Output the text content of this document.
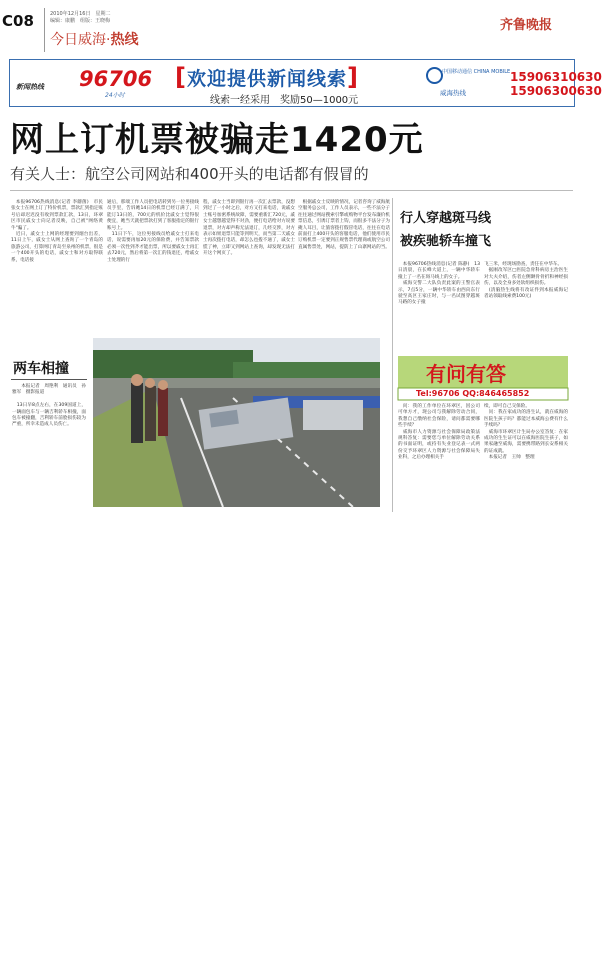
C08	2010年12月16日　星期二
编辑：康鹏　组版：王晓梅
今日威海·热线
齐鲁晚报
新闻热线 96706
24小时
[欢迎提供新闻线索]
线索一经采用　奖励50—1000元
中国移动通信 CHINA MOBILE
威海热线
15906310630
15906300630
网上订机票被骗走1420元
有关人士：航空公司网站和400开头的电话都有假冒的
　本报96706热线消息(记者 李蘑菌)　市民张女士在网上订了特价机票，票款汇到指定账号后却迟迟没有收到票款汇款，13日，环翠区市民戚女士向记者反映，自己被"网络黄牛"骗了。
　近日，戚女士上网的经理要到烟台出差，11日上午，戚女士从网上查询了一个青岛的旅游公司，打算网订青岛至泉州的机票，很是一个400开头的电话，戚女士和对方取得联系，电话接
通后，那端工作人员把电话转到另一位男接线员手里，告诉她14日的机票已经订满了，只能订13日的，700元的机价比戚女士觉得很便宜，她当天就把票款打到了客服指定的银行账号上。
　11日下午，这位男接线员给戚女士打来电话，说需要再加20元的保险费，并告知票款必须一次性到齐才能出票，所以要戚女士再汇去720元，然后将第一次汇的钱退还，给戚女士处理的行
程，戚女士当即到银行再一次汇去票款，没想到过了一小时之后，对方又打来电话，说戚女士账号加密系统故障，需要重新汇720元，戚女士越想越觉得不对劲，便打电话给对方说要退票，对方却声称无法退订，几经交涉，对方表示如果退票只能等到明天，而当第二天戚女士再次拨打电话，却怎么也拨不通了，戚女士慌了神，立即又到网站上查询，却发现无法打开这个网页了。
　根据戚女士反映的情况，记者咨询了威海航空服务总公司，工作人员表示，一些不法分子往往通过网站搜索引擎或购物平台发布廉价机票信息，引诱订票者上钩，而很多不法分子为掩人耳目，让旅客拨打假冒电话，往往在电话前面打上400开头的客服电话，他们使用市民订购机票一定要到正规售票代理商或航空公司直属售票处，网站，提防上了山寨网站的当。
两车相撞
　　本报记者　周艳利　通讯员　孙雅军　摄影报道

　13日早8点左右，在309国道上，一辆面包车与一辆吉利轿车相撞，面包车被撞翻，吉利轿车前脸损伤较为严重，所幸未造成人员伤亡。
行人穿越斑马线
被疾驰轿车撞飞
　本报96706热线消息(记者 陈静)　13日清晨，在长峰大道上，一辆中华轿车撞上了一名在斑马线上的女子。
　威海交警二大队负责此案的王警官表示，7点5分，一辆中华轿车由西向东行驶至高区王家庄时，与一名试图穿越斑马路的女子撞
飞三米，经现场勘查，责任在中华车。
　据刚改军区□医院急骨科病房主治医生对大夫介绍，伤者左侧颞骨骨折和神经损伤，以及全身多处软组织损伤。
　(清脑热生线将有改证件到本报威海记者站领取线索费100元)
有问有答
Tel:96706 QQ:846465852
　问：我的工作单位在环翠区，因公司可单方才，现公司与我解除劳动合同，我想自己缴纳社会保险，请问都需要哪些手续？
　威海市人力资源与社会保障局政策法规科答复：需要您与单位解除劳动关系的书面证明，或持有失业登记表一式两份交予环翠区人力资源与社会保障局失业科，之后办理相关手
续，即可自己交保险。
　问：我在家成功的洛生认，就在威海的医院生孩子吗？都能过本威海公费有什么手续吗？
　威海市环翠区计生局办公室答复：在家成功的生生证可以在威海医院生孩子，如果家融至威海，需要携带路到长安系相关的证成就。
　本报记者　王帅　整理
